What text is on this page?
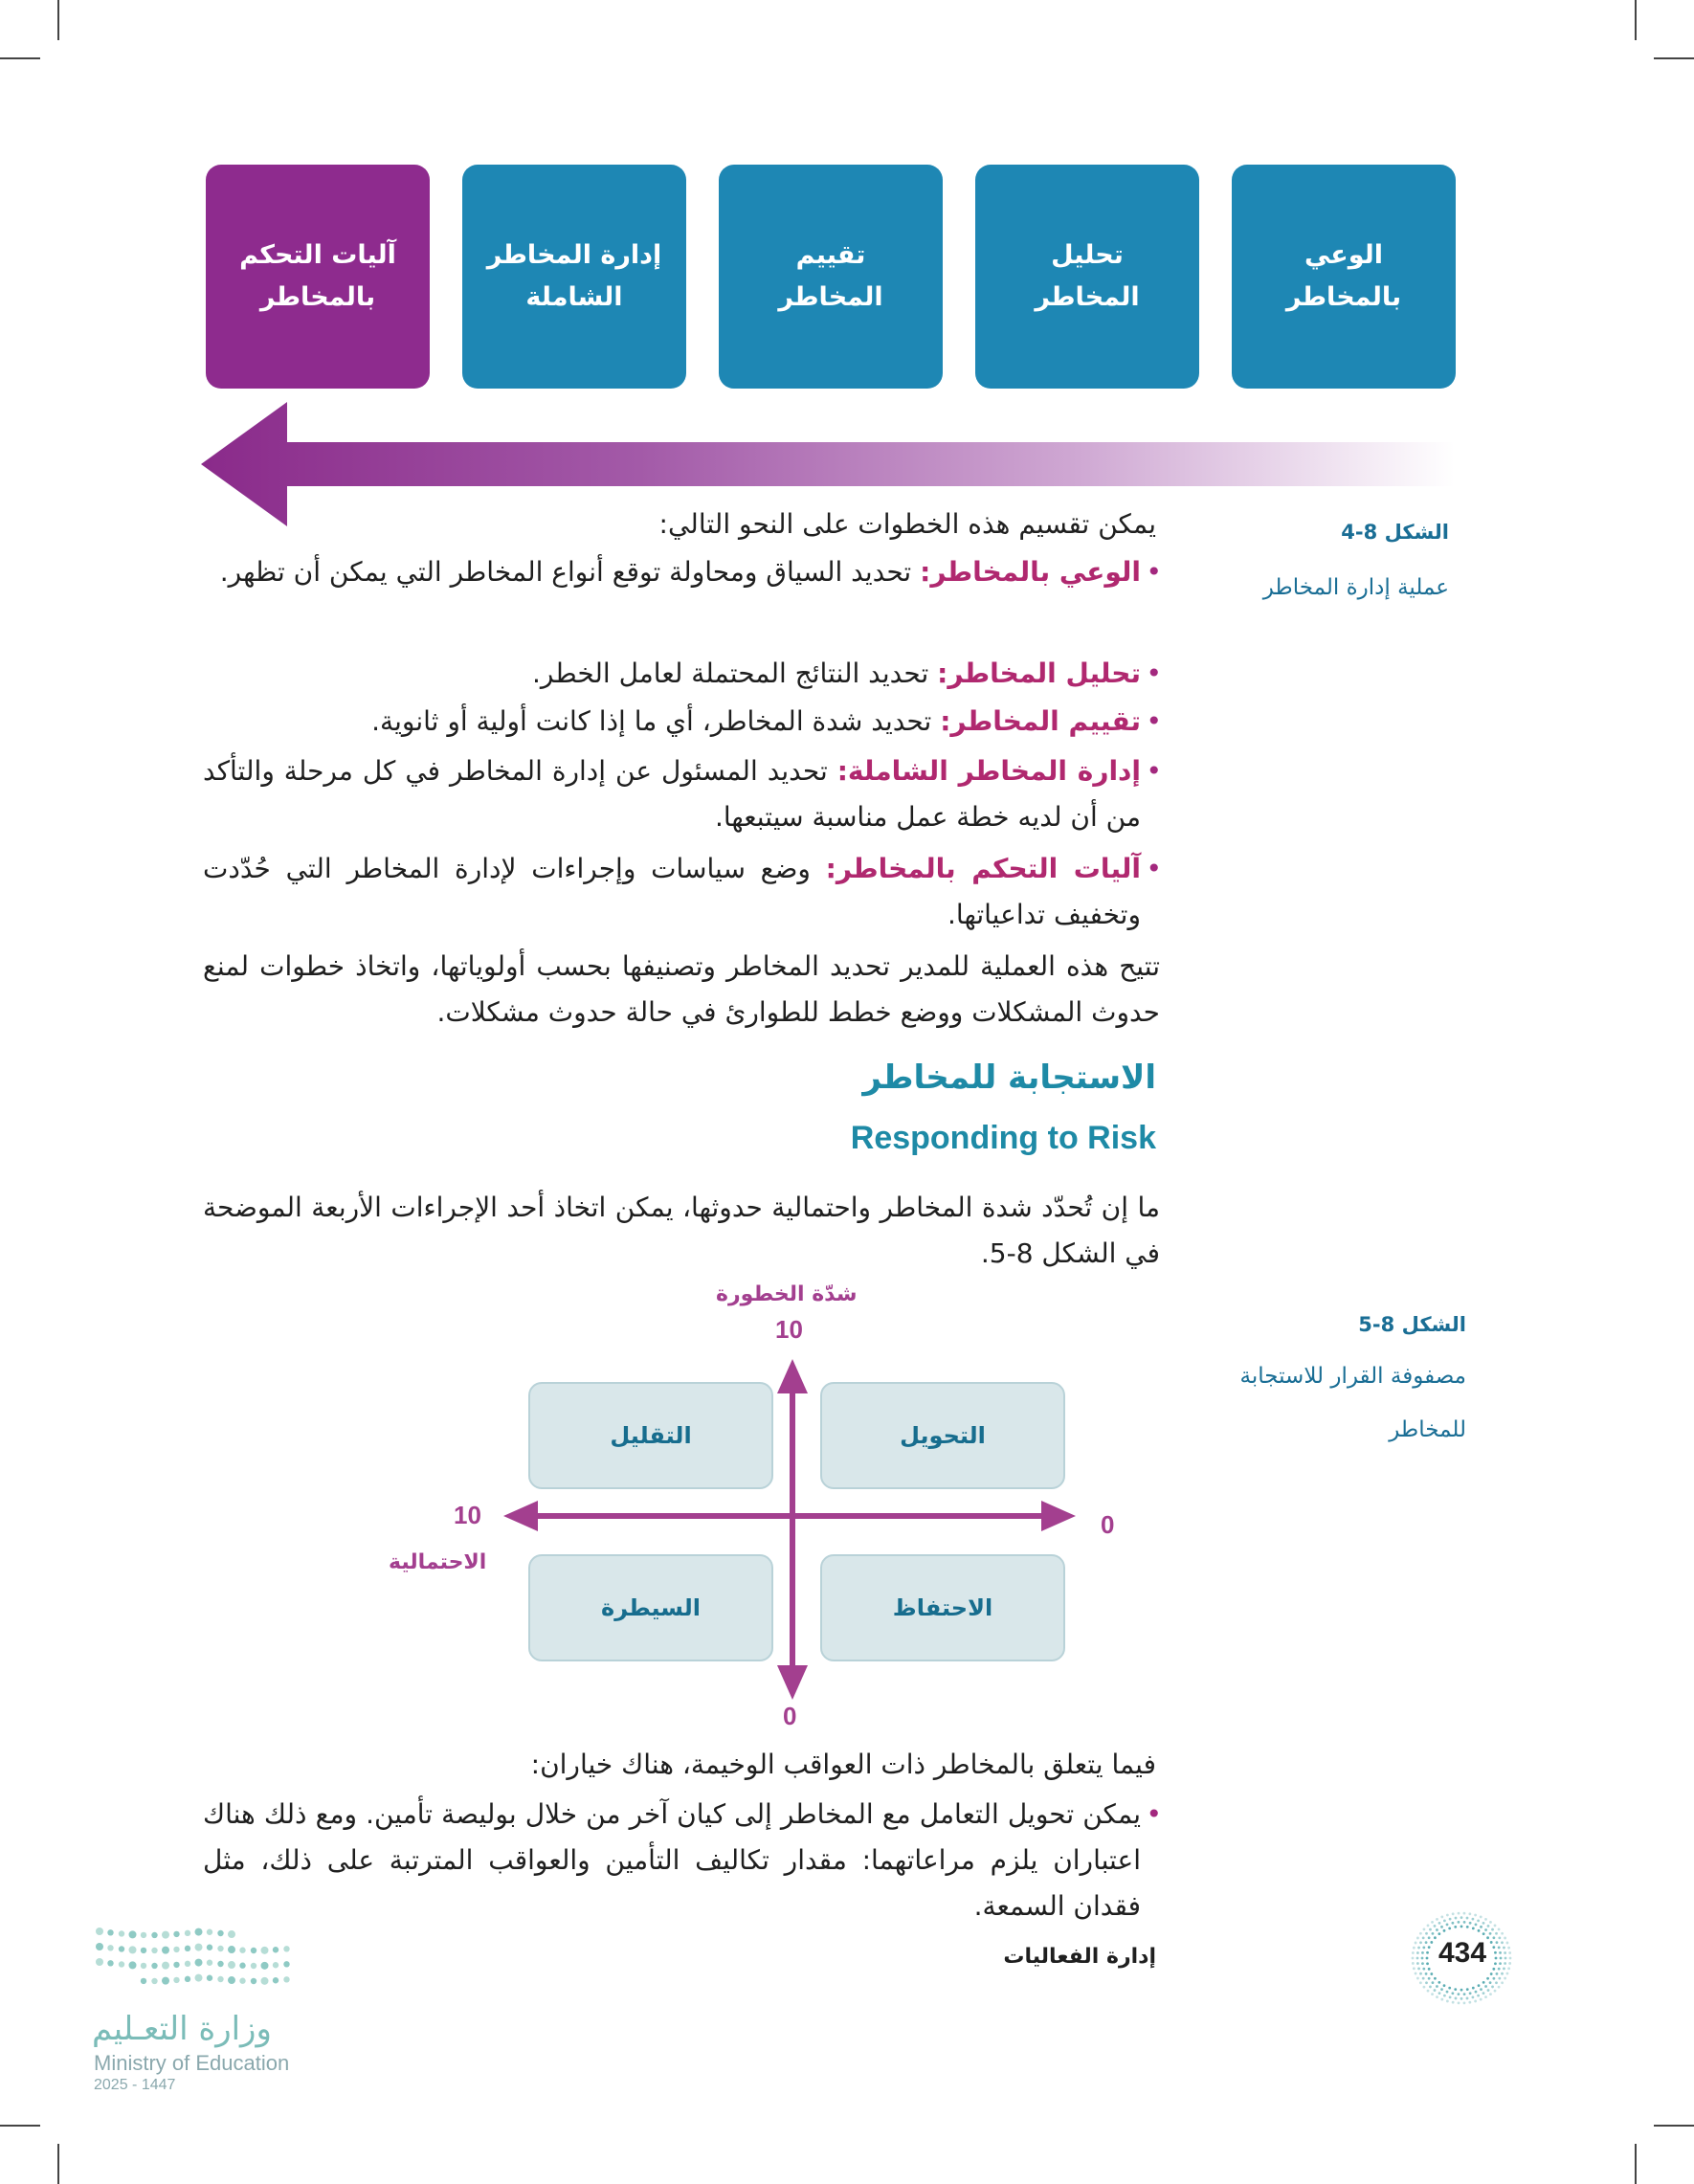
الوعي
بالمخاطر
تحليل
المخاطر
تقييم
المخاطر
إدارة المخاطر
الشاملة
آليات التحكم
بالمخاطر
الشكل 8-4
عملية إدارة المخاطر
يمكن تقسيم هذه الخطوات على النحو التالي:
•
الوعي بالمخاطر: تحديد السياق ومحاولة توقع أنواع المخاطر التي يمكن أن تظهر.
•
تحليل المخاطر: تحديد النتائج المحتملة لعامل الخطر.
•
تقييم المخاطر: تحديد شدة المخاطر، أي ما إذا كانت أولية أو ثانوية.
•
إدارة المخاطر الشاملة: تحديد المسئول عن إدارة المخاطر في كل مرحلة والتأكد من أن لديه خطة عمل مناسبة سيتبعها.
•
آليات التحكم بالمخاطر: وضع سياسات وإجراءات لإدارة المخاطر التي حُدّدت وتخفيف تداعياتها.
تتيح هذه العملية للمدير تحديد المخاطر وتصنيفها بحسب أولوياتها، واتخاذ خطوات لمنع حدوث المشكلات ووضع خطط للطوارئ في حالة حدوث مشكلات.
الاستجابة للمخاطر
Responding to Risk
ما إن تُحدّد شدة المخاطر واحتمالية حدوثها، يمكن اتخاذ أحد الإجراءات الأربعة الموضحة في الشكل 8-5.
الشكل 8-5
مصفوفة القرار للاستجابة
للمخاطر
التقليل	التحويل
السيطرة	الاحتفاظ
شدّة الخطورة
10
0
10	0
الاحتمالية
فيما يتعلق بالمخاطر ذات العواقب الوخيمة، هناك خياران:
•
يمكن تحويل التعامل مع المخاطر إلى كيان آخر من خلال بوليصة تأمين. ومع ذلك هناك اعتباران يلزم مراعاتهما: مقدار تكاليف التأمين والعواقب المترتبة على ذلك، مثل فقدان السمعة.
إدارة الفعاليات	434
وزارة التعـليم
Ministry of Education
2025 - 1447
